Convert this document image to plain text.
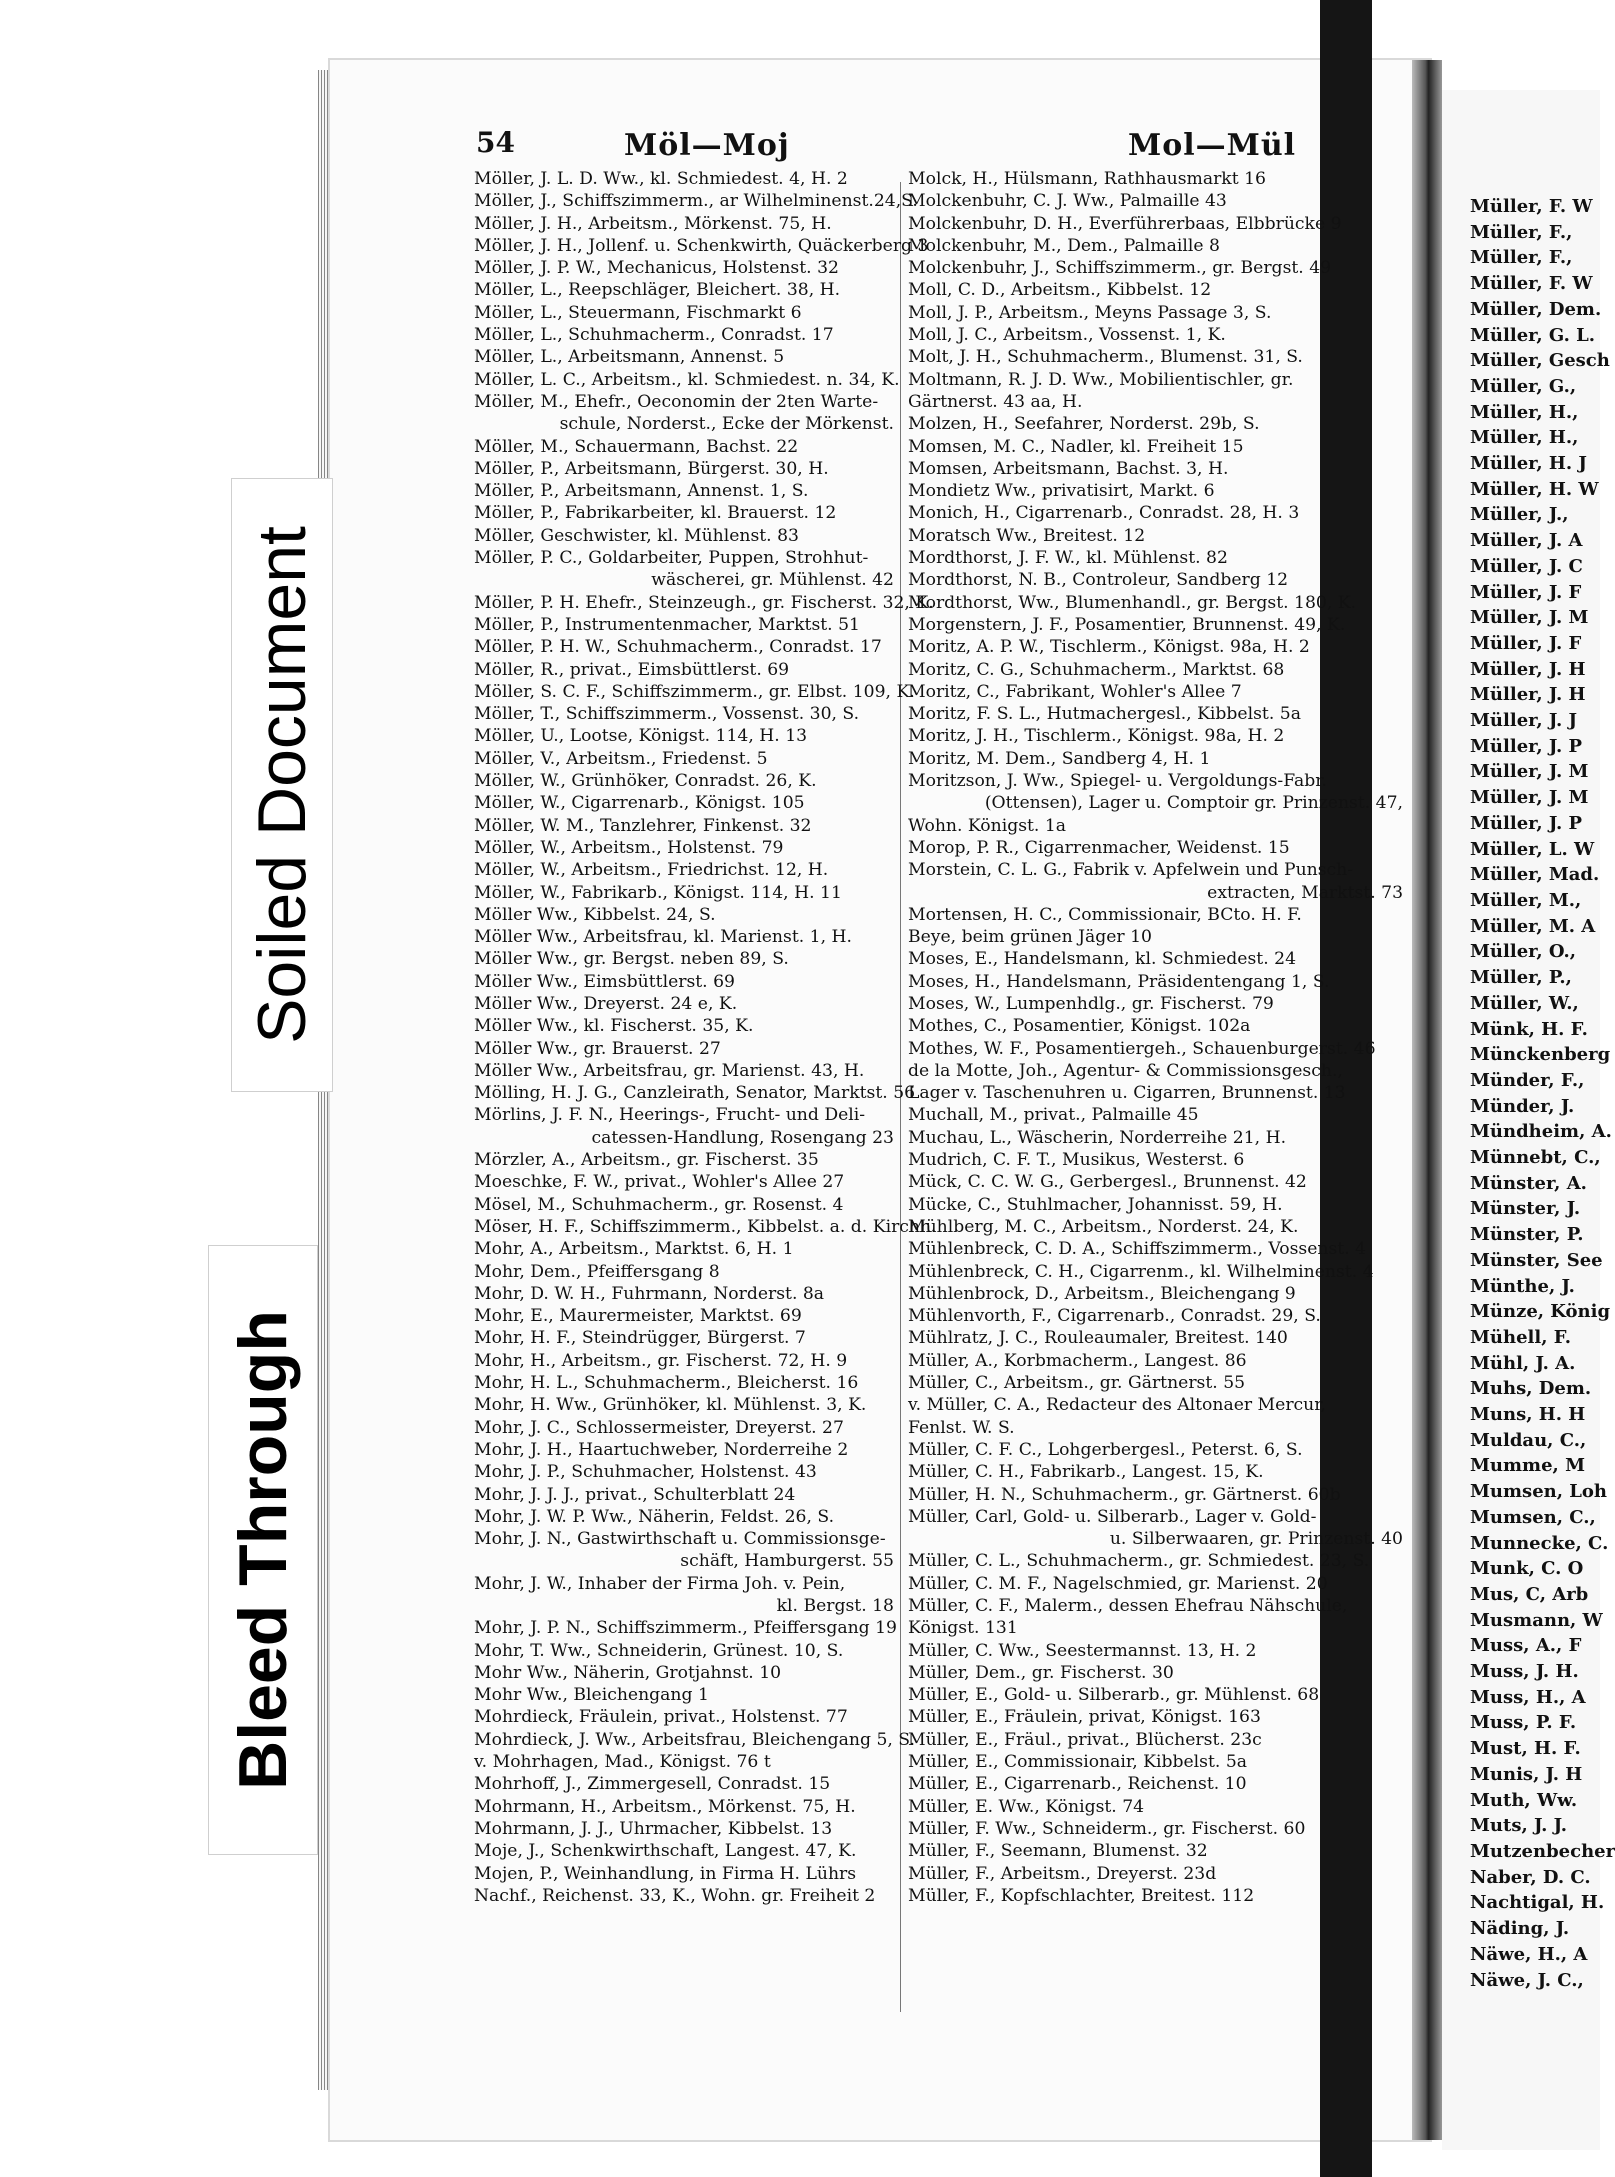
54	Möl—Moj	Mol—Mül
Möller, J. L. D. Ww., kl. Schmiedest. 4, H. 2
Möller, J., Schiffszimmerm., ar Wilhelminenst.24,S.
Möller, J. H., Arbeitsm., Mörkenst. 75, H.
Möller, J. H., Jollenf. u. Schenkwirth, Quäckerberg 3
Möller, J. P. W., Mechanicus, Holstenst. 32
Möller, L., Reepschläger, Bleichert. 38, H.
Möller, L., Steuermann, Fischmarkt 6
Möller, L., Schuhmacherm., Conradst. 17
Möller, L., Arbeitsmann, Annenst. 5
Möller, L. C., Arbeitsm., kl. Schmiedest. n. 34, K.
Möller, M., Ehefr., Oeconomin der 2ten Warte-
schule, Norderst., Ecke der Mörkenst.
Möller, M., Schauermann, Bachst. 22
Möller, P., Arbeitsmann, Bürgerst. 30, H.
Möller, P., Arbeitsmann, Annenst. 1, S.
Möller, P., Fabrikarbeiter, kl. Brauerst. 12
Möller, Geschwister, kl. Mühlenst. 83
Möller, P. C., Goldarbeiter, Puppen, Strohhut-
wäscherei, gr. Mühlenst. 42
Möller, P. H. Ehefr., Steinzeugh., gr. Fischerst. 32, K.
Möller, P., Instrumentenmacher, Marktst. 51
Möller, P. H. W., Schuhmacherm., Conradst. 17
Möller, R., privat., Eimsbüttlerst. 69
Möller, S. C. F., Schiffszimmerm., gr. Elbst. 109, K.
Möller, T., Schiffszimmerm., Vossenst. 30, S.
Möller, U., Lootse, Königst. 114, H. 13
Möller, V., Arbeitsm., Friedenst. 5
Möller, W., Grünhöker, Conradst. 26, K.
Möller, W., Cigarrenarb., Königst. 105
Möller, W. M., Tanzlehrer, Finkenst. 32
Möller, W., Arbeitsm., Holstenst. 79
Möller, W., Arbeitsm., Friedrichst. 12, H.
Möller, W., Fabrikarb., Königst. 114, H. 11
Möller Ww., Kibbelst. 24, S.
Möller Ww., Arbeitsfrau, kl. Marienst. 1, H.
Möller Ww., gr. Bergst. neben 89, S.
Möller Ww., Eimsbüttlerst. 69
Möller Ww., Dreyerst. 24 e, K.
Möller Ww., kl. Fischerst. 35, K.
Möller Ww., gr. Brauerst. 27
Möller Ww., Arbeitsfrau, gr. Marienst. 43, H.
Mölling, H. J. G., Canzleirath, Senator, Marktst. 56
Mörlins, J. F. N., Heerings-, Frucht- und Deli-
catessen-Handlung, Rosengang 23
Mörzler, A., Arbeitsm., gr. Fischerst. 35
Moeschke, F. W., privat., Wohler's Allee 27
Mösel, M., Schuhmacherm., gr. Rosenst. 4
Möser, H. F., Schiffszimmerm., Kibbelst. a. d. Kirchh.
Mohr, A., Arbeitsm., Marktst. 6, H. 1
Mohr, Dem., Pfeiffersgang 8
Mohr, D. W. H., Fuhrmann, Norderst. 8a
Mohr, E., Maurermeister, Marktst. 69
Mohr, H. F., Steindrügger, Bürgerst. 7
Mohr, H., Arbeitsm., gr. Fischerst. 72, H. 9
Mohr, H. L., Schuhmacherm., Bleicherst. 16
Mohr, H. Ww., Grünhöker, kl. Mühlenst. 3, K.
Mohr, J. C., Schlossermeister, Dreyerst. 27
Mohr, J. H., Haartuchweber, Norderreihe 2
Mohr, J. P., Schuhmacher, Holstenst. 43
Mohr, J. J. J., privat., Schulterblatt 24
Mohr, J. W. P. Ww., Näherin, Feldst. 26, S.
Mohr, J. N., Gastwirthschaft u. Commissionsge-
schäft, Hamburgerst. 55
Mohr, J. W., Inhaber der Firma Joh. v. Pein,
kl. Bergst. 18
Mohr, J. P. N., Schiffszimmerm., Pfeiffersgang 19
Mohr, T. Ww., Schneiderin, Grünest. 10, S.
Mohr Ww., Näherin, Grotjahnst. 10
Mohr Ww., Bleichengang 1
Mohrdieck, Fräulein, privat., Holstenst. 77
Mohrdieck, J. Ww., Arbeitsfrau, Bleichengang 5, S.
v. Mohrhagen, Mad., Königst. 76 t
Mohrhoff, J., Zimmergesell, Conradst. 15
Mohrmann, H., Arbeitsm., Mörkenst. 75, H.
Mohrmann, J. J., Uhrmacher, Kibbelst. 13
Moje, J., Schenkwirthschaft, Langest. 47, K.
Mojen, P., Weinhandlung, in Firma H. Lührs
Nachf., Reichenst. 33, K., Wohn. gr. Freiheit 2
Molck, H., Hülsmann, Rathhausmarkt 16
Molckenbuhr, C. J. Ww., Palmaille 43
Molckenbuhr, D. H., Everführerbaas, Elbbrücke 9
Molckenbuhr, M., Dem., Palmaille 8
Molckenbuhr, J., Schiffszimmerm., gr. Bergst. 49
Moll, C. D., Arbeitsm., Kibbelst. 12
Moll, J. P., Arbeitsm., Meyns Passage 3, S.
Moll, J. C., Arbeitsm., Vossenst. 1, K.
Molt, J. H., Schuhmacherm., Blumenst. 31, S.
Moltmann, R. J. D. Ww., Mobilientischler, gr.
Gärtnerst. 43 aa, H.
Molzen, H., Seefahrer, Norderst. 29b, S.
Momsen, M. C., Nadler, kl. Freiheit 15
Momsen, Arbeitsmann, Bachst. 3, H.
Mondietz Ww., privatisirt, Markt. 6
Monich, H., Cigarrenarb., Conradst. 28, H. 3
Moratsch Ww., Breitest. 12
Mordthorst, J. F. W., kl. Mühlenst. 82
Mordthorst, N. B., Controleur, Sandberg 12
Mordthorst, Ww., Blumenhandl., gr. Bergst. 180, K.
Morgenstern, J. F., Posamentier, Brunnenst. 49, K.
Moritz, A. P. W., Tischlerm., Königst. 98a, H. 2
Moritz, C. G., Schuhmacherm., Marktst. 68
Moritz, C., Fabrikant, Wohler's Allee 7
Moritz, F. S. L., Hutmachergesl., Kibbelst. 5a
Moritz, J. H., Tischlerm., Königst. 98a, H. 2
Moritz, M. Dem., Sandberg 4, H. 1
Moritzson, J. Ww., Spiegel- u. Vergoldungs-Fabr.
(Ottensen), Lager u. Comptoir gr. Prinzenst. 47,
Wohn. Königst. 1a
Morop, P. R., Cigarrenmacher, Weidenst. 15
Morstein, C. L. G., Fabrik v. Apfelwein und Punsch-
extracten, Marktst. 73
Mortensen, H. C., Commissionair, BCto. H. F.
Beye, beim grünen Jäger 10
Moses, E., Handelsmann, kl. Schmiedest. 24
Moses, H., Handelsmann, Präsidentengang 1, S.
Moses, W., Lumpenhdlg., gr. Fischerst. 79
Mothes, C., Posamentier, Königst. 102a
Mothes, W. F., Posamentiergeh., Schauenburgerst. 46
de la Motte, Joh., Agentur- & Commissionsgesch.,
Lager v. Taschenuhren u. Cigarren, Brunnenst. 13
Muchall, M., privat., Palmaille 45
Muchau, L., Wäscherin, Norderreihe 21, H.
Mudrich, C. F. T., Musikus, Westerst. 6
Mück, C. C. W. G., Gerbergesl., Brunnenst. 42
Mücke, C., Stuhlmacher, Johannisst. 59, H.
Mühlberg, M. C., Arbeitsm., Norderst. 24, K.
Mühlenbreck, C. D. A., Schiffszimmerm., Vossenst. 4
Mühlenbreck, C. H., Cigarrenm., kl. Wilhelminenst. 4
Mühlenbrock, D., Arbeitsm., Bleichengang 9
Mühlenvorth, F., Cigarrenarb., Conradst. 29, S.
Mühlratz, J. C., Rouleaumaler, Breitest. 140
Müller, A., Korbmacherm., Langest. 86
Müller, C., Arbeitsm., gr. Gärtnerst. 55
v. Müller, C. A., Redacteur des Altonaer Mercur,
Fenlst. W. S.
Müller, C. F. C., Lohgerbergesl., Peterst. 6, S.
Müller, C. H., Fabrikarb., Langest. 15, K.
Müller, H. N., Schuhmacherm., gr. Gärtnerst. 60b
Müller, Carl, Gold- u. Silberarb., Lager v. Gold-
u. Silberwaaren, gr. Prinzenst. 40
Müller, C. L., Schuhmacherm., gr. Schmiedest. 23, S.
Müller, C. M. F., Nagelschmied, gr. Marienst. 20
Müller, C. F., Malerm., dessen Ehefrau Nähschule,
Königst. 131
Müller, C. Ww., Seestermannst. 13, H. 2
Müller, Dem., gr. Fischerst. 30
Müller, E., Gold- u. Silberarb., gr. Mühlenst. 68
Müller, E., Fräulein, privat, Königst. 163
Müller, E., Fräul., privat., Blücherst. 23c
Müller, E., Commissionair, Kibbelst. 5a
Müller, E., Cigarrenarb., Reichenst. 10
Müller, E. Ww., Königst. 74
Müller, F. Ww., Schneiderm., gr. Fischerst. 60
Müller, F., Seemann, Blumenst. 32
Müller, F., Arbeitsm., Dreyerst. 23d
Müller, F., Kopfschlachter, Breitest. 112
Müller, F. W
Müller, F.,
Müller, F.,
Müller, F. W
Müller, Dem.
Müller, G. L.
Müller, Gesch
Müller, G.,
Müller, H.,
Müller, H.,
Müller, H. J
Müller, H. W
Müller, J.,
Müller, J. A
Müller, J. C
Müller, J. F
Müller, J. M
Müller, J. F
Müller, J. H
Müller, J. H
Müller, J. J
Müller, J. P
Müller, J. M
Müller, J. M
Müller, J. P
Müller, L. W
Müller, Mad.
Müller, M.,
Müller, M. A
Müller, O.,
Müller, P.,
Müller, W.,
Münk, H. F.
Münckenberg
Münder, F.,
Münder, J.
Mündheim, A.
Münnebt, C.,
Münster, A.
Münster, J.
Münster, P.
Münster, See
Münthe, J.
Münze, König
Mühell, F.
Mühl, J. A.
Muhs, Dem.
Muns, H. H
Muldau, C.,
Mumme, M
Mumsen, Loh
Mumsen, C.,
Munnecke, C.
Munk, C. O
Mus, C, Arb
Musmann, W
Muss, A., F
Muss, J. H.
Muss, H., A
Muss, P. F.
Must, H. F.
Munis, J. H
Muth, Ww.
Muts, J. J.
Mutzenbecher
Naber, D. C.
Nachtigal, H.
Näding, J.
Näwe, H., A
Näwe, J. C.,
Soiled Document
Bleed Through
